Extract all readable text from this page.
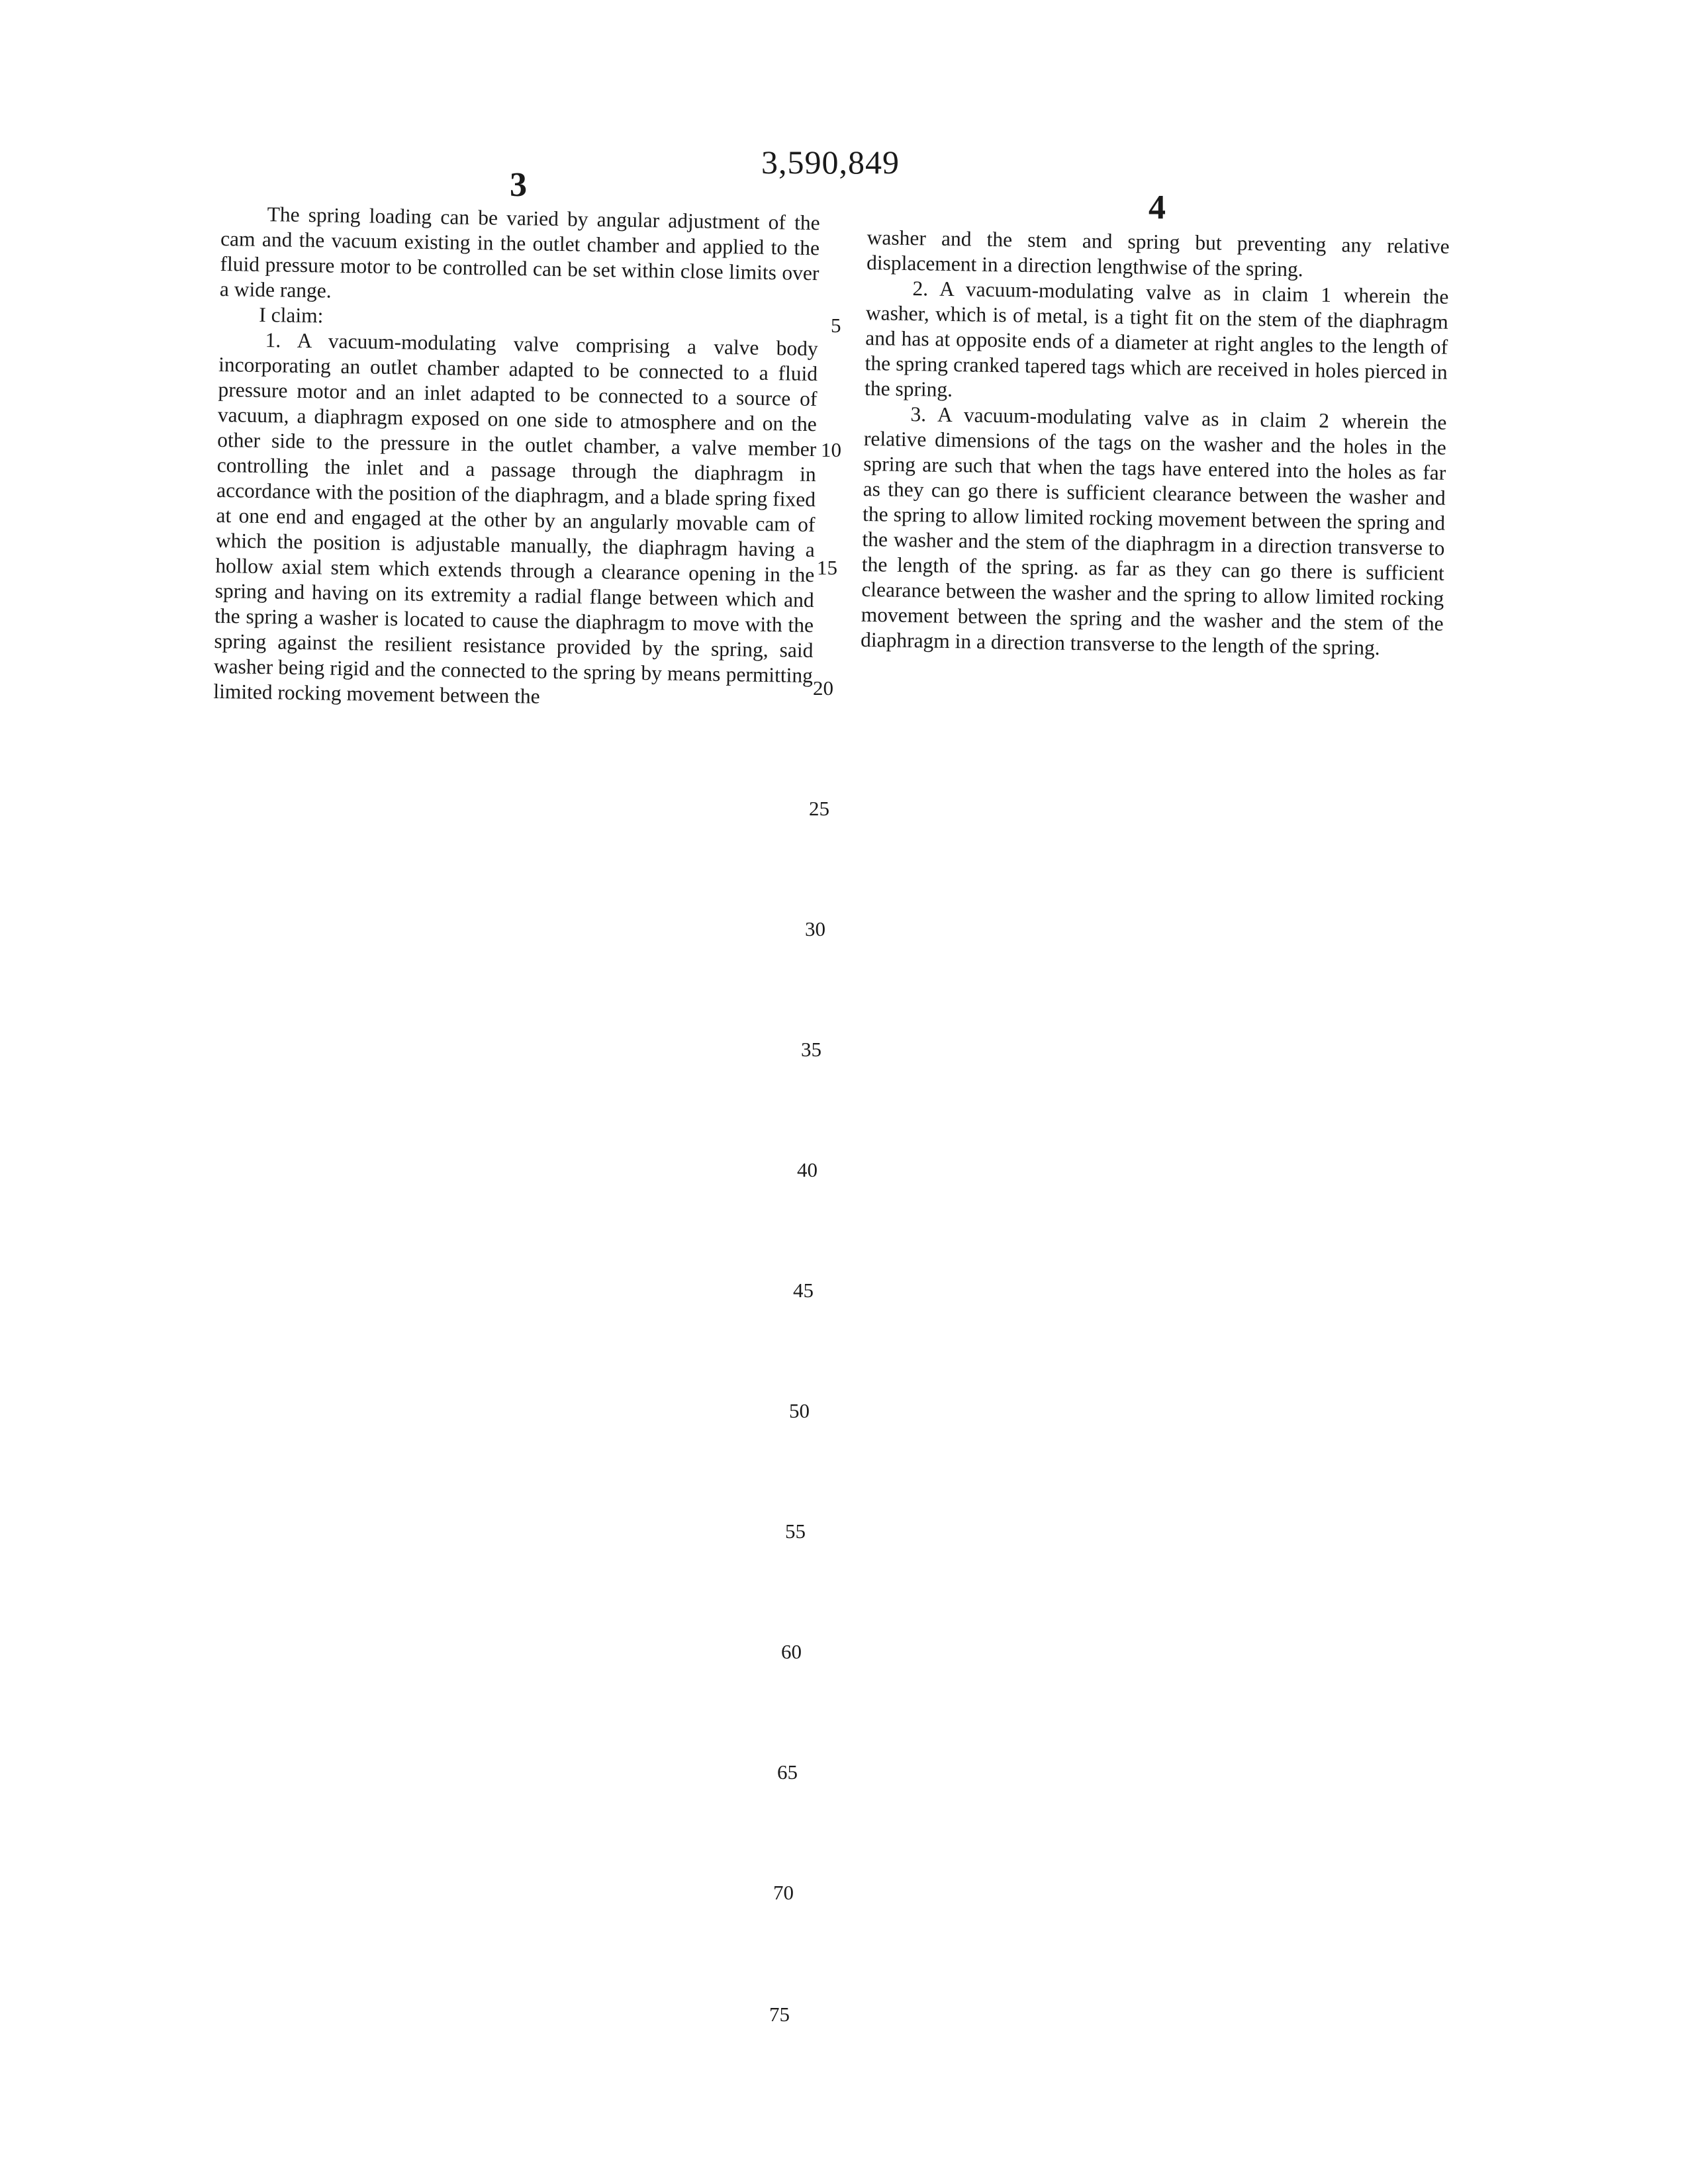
3,590,849
3
4

The spring loading can be varied by angular adjustment of the cam and the vacuum existing in the outlet chamber and applied to the fluid pressure motor to be controlled can be set within close limits over a wide range.

I claim:

1. A vacuum-modulating valve comprising a valve body incorporating an outlet chamber adapted to be connected to a fluid pressure motor and an inlet adapted to be connected to a source of vacuum, a diaphragm exposed on one side to atmosphere and on the other side to the pressure in the outlet chamber, a valve member controlling the inlet and a passage through the diaphragm in accordance with the position of the diaphragm, and a blade spring fixed at one end and engaged at the other by an angularly movable cam of which the position is adjustable manually, the diaphragm having a hollow axial stem which extends through a clearance opening in the spring and having on its extremity a radial flange between which and the spring a washer is located to cause the diaphragm to move with the spring against the resilient resistance provided by the spring, said washer being rigid and the connected to the spring by means permitting limited rocking movement between the

washer and the stem and spring but preventing any relative displacement in a direction lengthwise of the spring.

2. A vacuum-modulating valve as in claim 1 wherein the washer, which is of metal, is a tight fit on the stem of the diaphragm and has at opposite ends of a diameter at right angles to the length of the spring cranked tapered tags which are received in holes pierced in the spring.

3. A vacuum-modulating valve as in claim 2 wherein the relative dimensions of the tags on the washer and the holes in the spring are such that when the tags have entered into the holes as far as they can go there is sufficient clearance between the washer and the spring to allow limited rocking movement between the spring and the washer and the stem of the diaphragm in a direction transverse to the length of the spring. as far as they can go there is sufficient clearance between the washer and the spring to allow limited rocking movement between the spring and the washer and the stem of the diaphragm in a direction transverse to the length of the spring.

5
10
15
20
25
30
35
40
45
50
55
60
65
70
75
